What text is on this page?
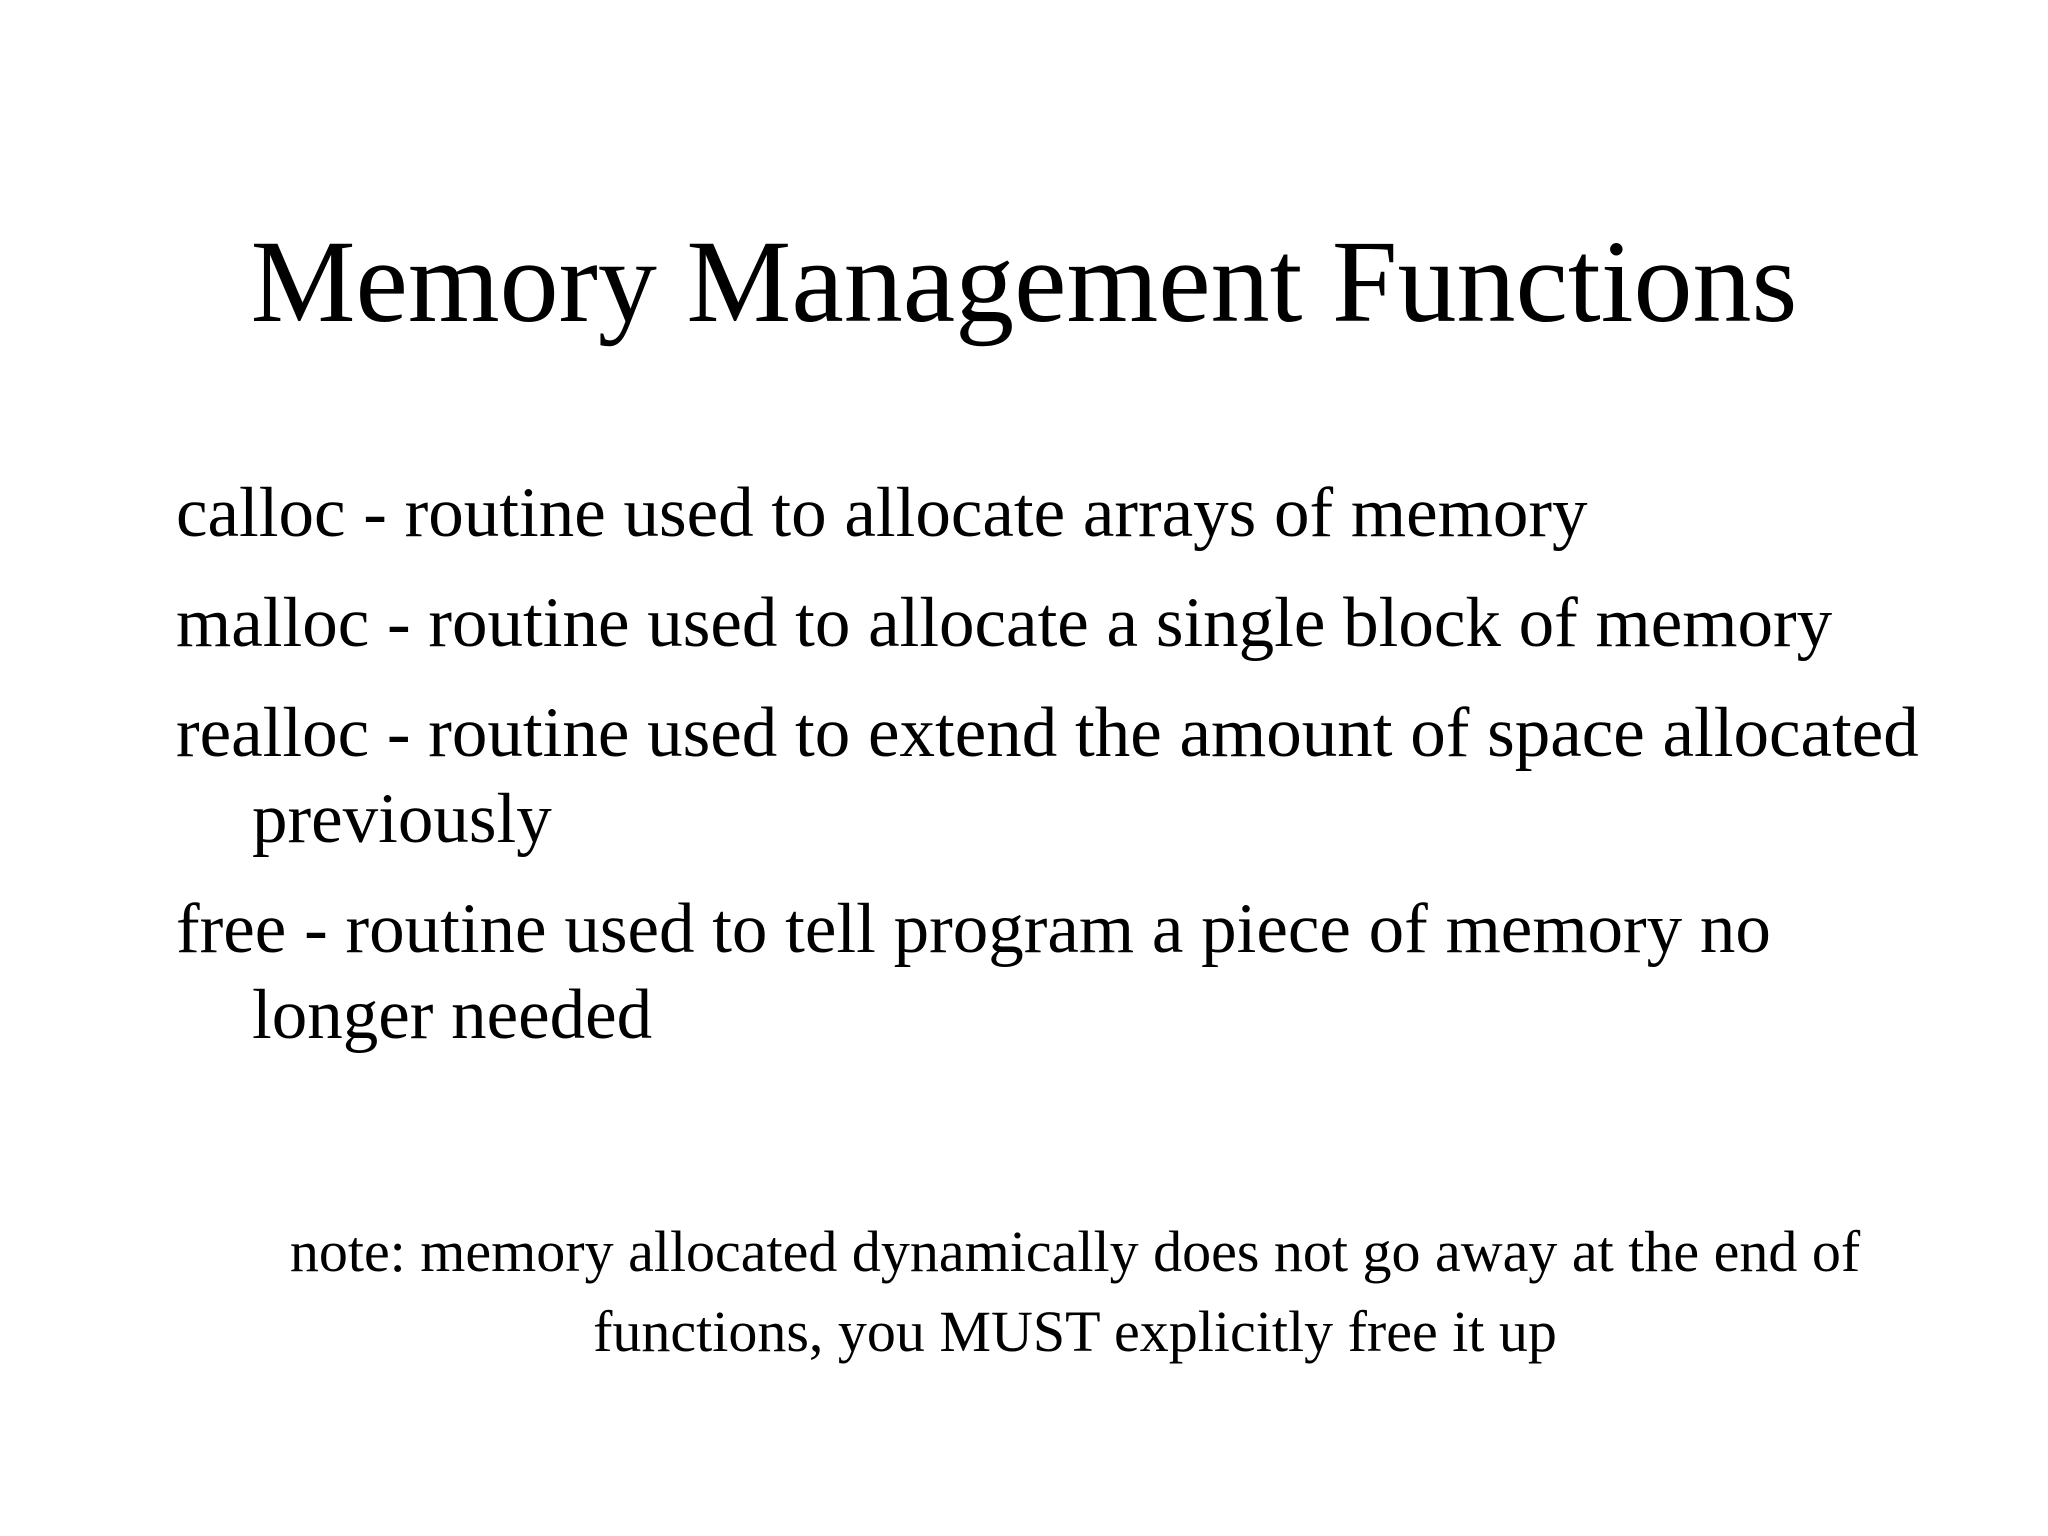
Memory Management Functions
calloc - routine used to allocate arrays of memory
malloc - routine used to allocate a single block of memory
realloc - routine used to extend the amount of space allocated previously
free - routine used to tell program a piece of memory no longer needed
note: memory allocated dynamically does not go away at the end of functions, you MUST explicitly free it up
